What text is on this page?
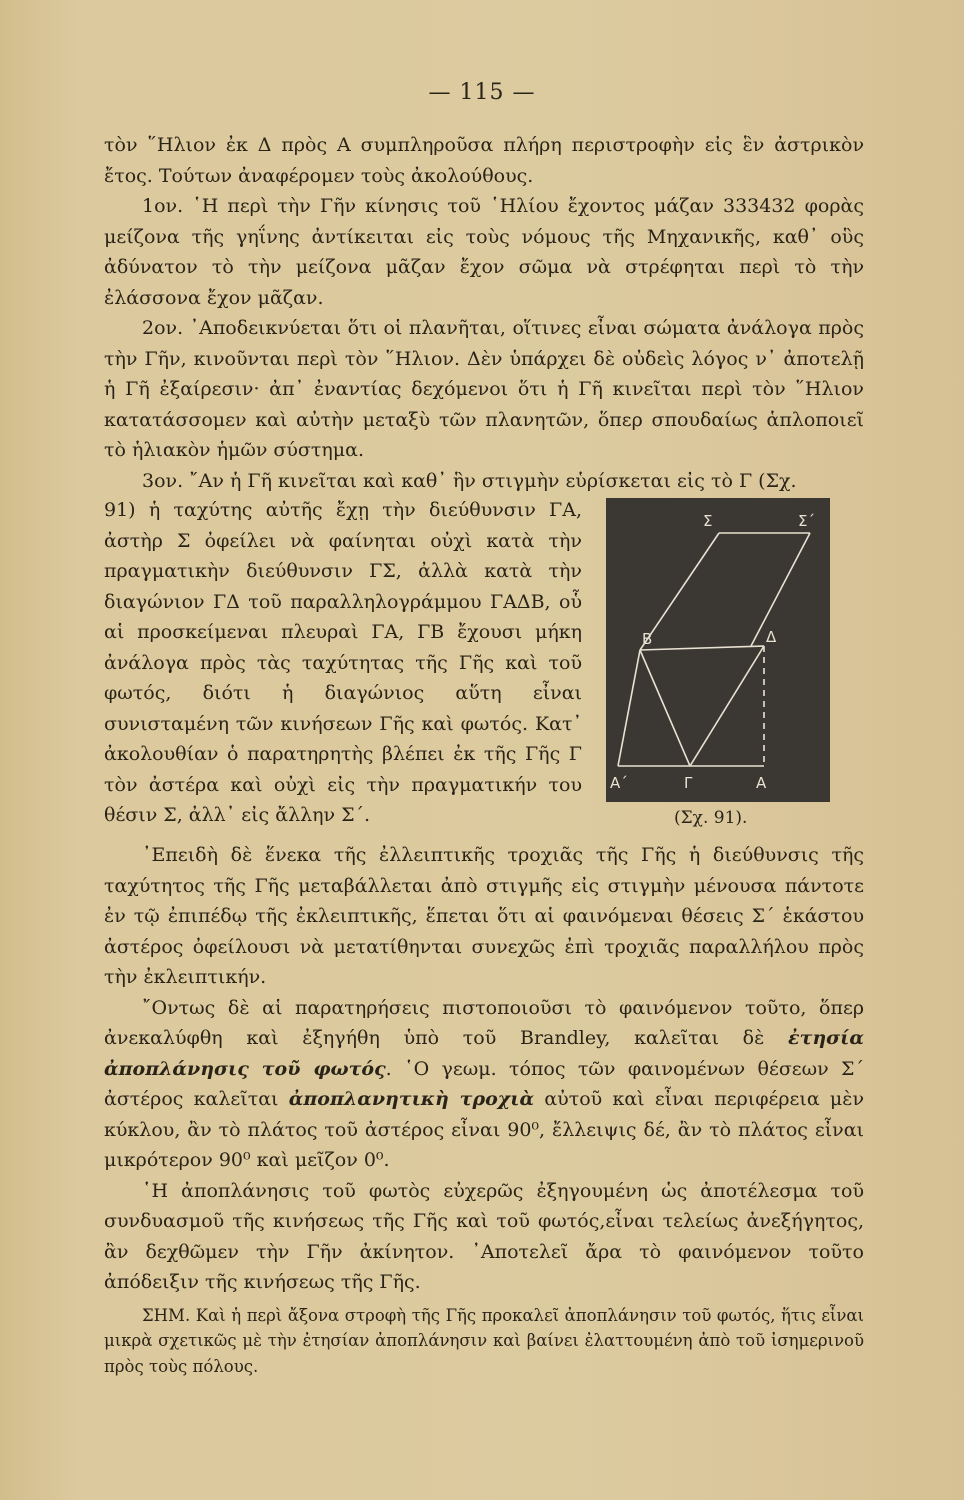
— 115 —

τὸν ῞Ηλιον ἐκ Δ πρὸς Α συμπληροῦσα πλήρη περιστροφὴν εἰς ἓν ἀστρικὸν ἔτος. Τούτων ἀναφέρομεν τοὺς ἀκολούθους.

1ον. ῾Η περὶ τὴν Γῆν κίνησις τοῦ ῾Ηλίου ἔχοντος μάζαν 333432 φορὰς μείζονα τῆς γηΐνης ἀντίκειται εἰς τοὺς νόμους τῆς Μηχανικῆς, καθ᾽ οὓς ἀδύνατον τὸ τὴν μείζονα μᾶζαν ἔχον σῶμα νὰ στρέφηται περὶ τὸ τὴν ἐλάσσονα ἔχον μᾶζαν.

2ον. ᾿Αποδεικνύεται ὅτι οἱ πλανῆται, οἵτινες εἶναι σώματα ἀνάλογα πρὸς τὴν Γῆν, κινοῦνται περὶ τὸν ῞Ηλιον. Δὲν ὑπάρχει δὲ οὐδεὶς λόγος ν᾽ ἀποτελῇ ἡ Γῆ ἐξαίρεσιν· ἀπ᾽ ἐναντίας δεχόμενοι ὅτι ἡ Γῆ κινεῖται περὶ τὸν ῞Ηλιον κατατάσσομεν καὶ αὐτὴν μεταξὺ τῶν πλανητῶν, ὅπερ σπουδαίως ἁπλοποιεῖ τὸ ἡλιακὸν ἡμῶν σύστημα.

3ον. ῎Αν ἡ Γῆ κινεῖται καὶ καθ᾽ ἣν στιγμὴν εὑρίσκεται εἰς τὸ Γ (Σχ.

91) ἡ ταχύτης αὐτῆς ἔχῃ τὴν διεύθυνσιν ΓΑ, ἀστὴρ Σ ὀφείλει νὰ φαίνηται οὐχὶ κατὰ τὴν πραγματικὴν διεύθυνσιν ΓΣ, ἀλλὰ κατὰ τὴν διαγώνιον ΓΔ τοῦ παραλληλογράμμου ΓΑΔΒ, οὗ αἱ προσκείμεναι πλευραὶ ΓΑ, ΓΒ ἔχουσι μήκη ἀνάλογα πρὸς τὰς ταχύτητας τῆς Γῆς καὶ τοῦ φωτός, διότι ἡ διαγώνιος αὕτη εἶναι συνισταμένη τῶν κινήσεων Γῆς καὶ φωτός. Κατ᾽ ἀκολουθίαν ὁ παρατηρητὴς βλέπει ἐκ τῆς Γῆς Γ τὸν ἀστέρα καὶ οὐχὶ εἰς τὴν πραγματικήν του θέσιν Σ, ἀλλ᾽ εἰς ἄλλην Σ΄.
Σ	Σ΄
Β	Δ
Α΄	Γ	Α
(Σχ. 91).

᾿Επειδὴ δὲ ἕνεκα τῆς ἐλλειπτικῆς τροχιᾶς τῆς Γῆς ἡ διεύθυνσις τῆς ταχύτητος τῆς Γῆς μεταβάλλεται ἀπὸ στιγμῆς εἰς στιγμὴν μένουσα πάντοτε ἐν τῷ ἐπιπέδῳ τῆς ἐκλειπτικῆς, ἕπεται ὅτι αἱ φαινόμεναι θέσεις Σ΄ ἑκάστου ἀστέρος ὀφείλουσι νὰ μετατίθηνται συνεχῶς ἐπὶ τροχιᾶς παραλλήλου πρὸς τὴν ἐκλειπτικήν.

῎Οντως δὲ αἱ παρατηρήσεις πιστοποιοῦσι τὸ φαινόμενον τοῦτο, ὅπερ ἀνεκαλύφθη καὶ ἐξηγήθη ὑπὸ τοῦ Brandley, καλεῖται δὲ ἐτησία ἀποπλάνησις τοῦ φωτός. ῾Ο γεωμ. τόπος τῶν φαινομένων θέσεων Σ΄ ἀστέρος καλεῖται ἀποπλανητικὴ τροχιὰ αὐτοῦ καὶ εἶναι περιφέρεια μὲν κύκλου, ἂν τὸ πλάτος τοῦ ἀστέρος εἶναι 90⁰, ἔλλειψις δέ, ἂν τὸ πλάτος εἶναι μικρότερον 90⁰ καὶ μεῖζον 0⁰.

῾Η ἀποπλάνησις τοῦ φωτὸς εὐχερῶς ἐξηγουμένη ὡς ἀποτέλεσμα τοῦ συνδυασμοῦ τῆς κινήσεως τῆς Γῆς καὶ τοῦ φωτός,εἶναι τελείως ἀνεξήγητος, ἂν δεχθῶμεν τὴν Γῆν ἀκίνητον. ᾿Αποτελεῖ ἄρα τὸ φαινόμενον τοῦτο ἀπόδειξιν τῆς κινήσεως τῆς Γῆς.

ΣΗΜ. Καὶ ἡ περὶ ἄξονα στροφὴ τῆς Γῆς προκαλεῖ ἀποπλάνησιν τοῦ φωτός, ἥτις εἶναι μικρὰ σχετικῶς μὲ τὴν ἐτησίαν ἀποπλάνησιν καὶ βαίνει ἐλαττουμένη ἀπὸ τοῦ ἰσημερινοῦ πρὸς τοὺς πόλους.
